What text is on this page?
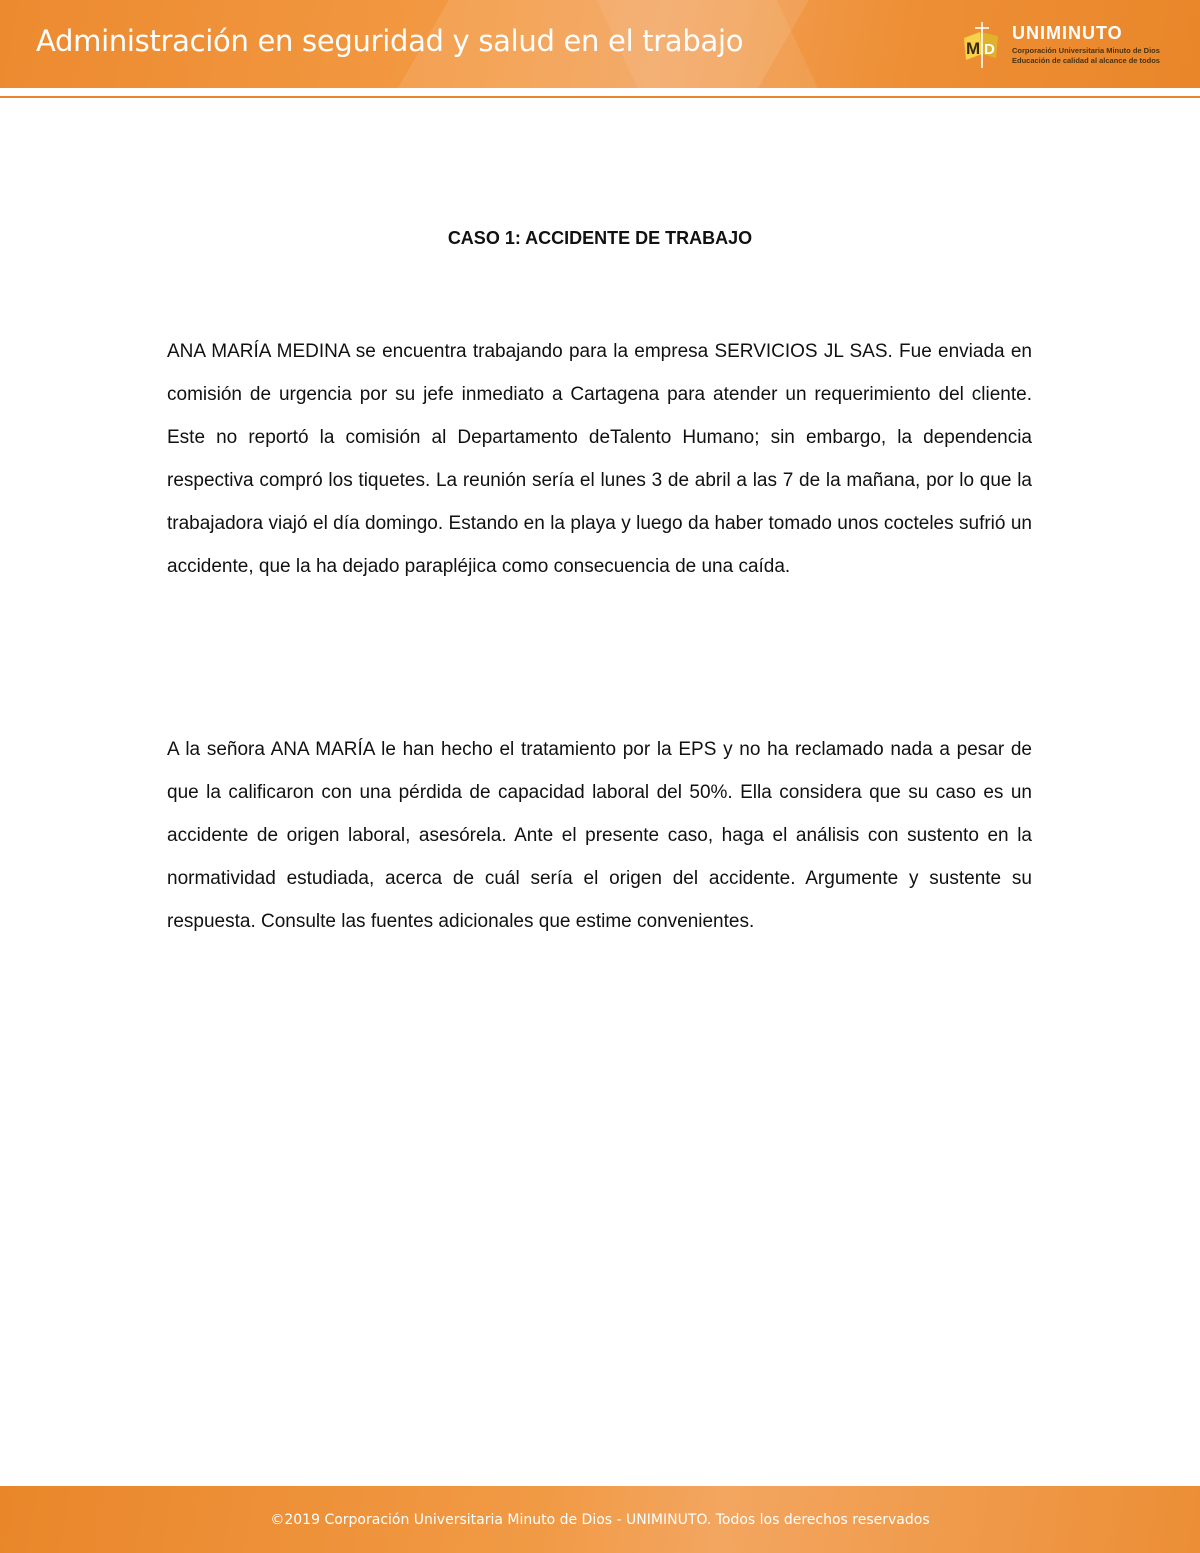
Administración en seguridad y salud en el trabajo	M D
UNIMINUTO
Corporación Universitaria Minuto de Dios
Educación de calidad al alcance de todos
CASO 1: ACCIDENTE DE TRABAJO

ANA MARÍA MEDINA se encuentra trabajando para la empresa SERVICIOS JL SAS. Fue enviada en comisión de urgencia por su jefe inmediato a Cartagena para atender un requerimiento del cliente. Este no reportó la comisión al Departamento deTalento Humano; sin embargo, la dependencia respectiva compró los tiquetes. La reunión sería el lunes 3 de abril a las 7 de la mañana, por lo que la trabajadora viajó el día domingo. Estando en la playa y luego da haber tomado unos cocteles sufrió un accidente, que la ha dejado parapléjica como consecuencia de una caída.

A la señora ANA MARÍA le han hecho el tratamiento por la EPS y no ha reclamado nada a pesar de que la calificaron con una pérdida de capacidad laboral del 50%. Ella considera que su caso es un accidente de origen laboral, asesórela. Ante el presente caso, haga el análisis con sustento en la normatividad estudiada, acerca de cuál sería el origen del accidente. Argumente y sustente su respuesta. Consulte las fuentes adicionales que estime convenientes.

©2019 Corporación Universitaria Minuto de Dios - UNIMINUTO. Todos los derechos reservados
